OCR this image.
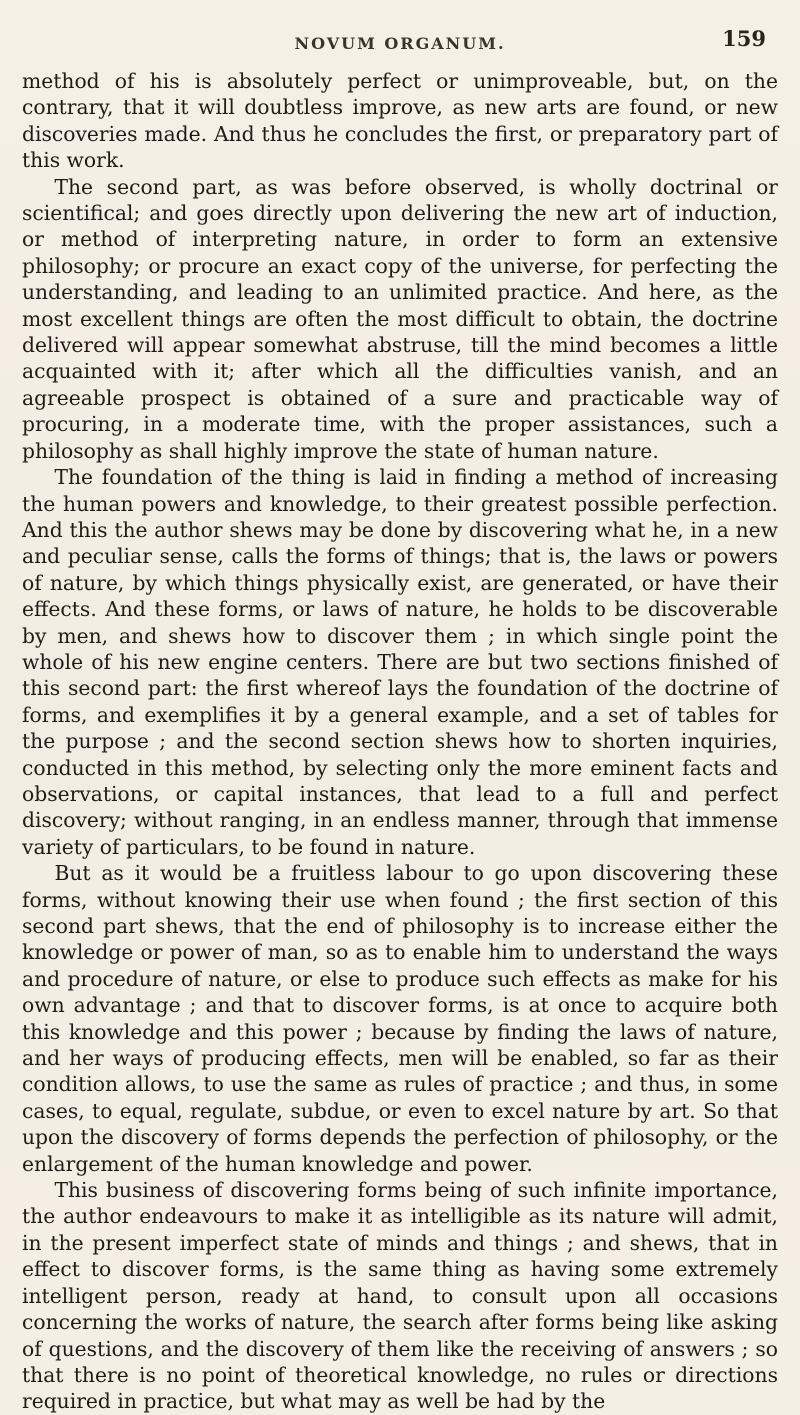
NOVUM ORGANUM.	159

method of his is absolutely perfect or unimproveable, but, on the contrary, that it will doubtless improve, as new arts are found, or new discoveries made. And thus he concludes the first, or preparatory part of this work.

The second part, as was before observed, is wholly doctrinal or scientifical; and goes directly upon delivering the new art of induction, or method of interpreting nature, in order to form an extensive philosophy; or procure an exact copy of the universe, for perfecting the understanding, and leading to an unlimited practice. And here, as the most excellent things are often the most difficult to obtain, the doctrine delivered will appear somewhat abstruse, till the mind becomes a little acquainted with it; after which all the difficulties vanish, and an agreeable prospect is obtained of a sure and practicable way of procuring, in a moderate time, with the proper assistances, such a philosophy as shall highly improve the state of human nature.

The foundation of the thing is laid in finding a method of increasing the human powers and knowledge, to their greatest possible perfection. And this the author shews may be done by discovering what he, in a new and peculiar sense, calls the forms of things; that is, the laws or powers of nature, by which things physically exist, are generated, or have their effects. And these forms, or laws of nature, he holds to be discoverable by men, and shews how to discover them ; in which single point the whole of his new engine centers. There are but two sections finished of this second part: the first whereof lays the foundation of the doctrine of forms, and exemplifies it by a general example, and a set of tables for the purpose ; and the second section shews how to shorten inquiries, conducted in this method, by selecting only the more eminent facts and observations, or capital instances, that lead to a full and perfect discovery; without ranging, in an endless manner, through that immense variety of particulars, to be found in nature.

But as it would be a fruitless labour to go upon discovering these forms, without knowing their use when found ; the first section of this second part shews, that the end of philosophy is to increase either the knowledge or power of man, so as to enable him to understand the ways and procedure of nature, or else to produce such effects as make for his own advantage ; and that to discover forms, is at once to acquire both this knowledge and this power ; because by finding the laws of nature, and her ways of producing effects, men will be enabled, so far as their condition allows, to use the same as rules of practice ; and thus, in some cases, to equal, regulate, subdue, or even to excel nature by art. So that upon the discovery of forms depends the perfection of philosophy, or the enlargement of the human knowledge and power.

This business of discovering forms being of such infinite importance, the author endeavours to make it as intelligible as its nature will admit, in the present imperfect state of minds and things ; and shews, that in effect to discover forms, is the same thing as having some extremely intelligent person, ready at hand, to consult upon all occasions concerning the works of nature, the search after forms being like asking of questions, and the discovery of them like the receiving of answers ; so that there is no point of theoretical knowledge, no rules or directions required in practice, but what may as well be had by the
